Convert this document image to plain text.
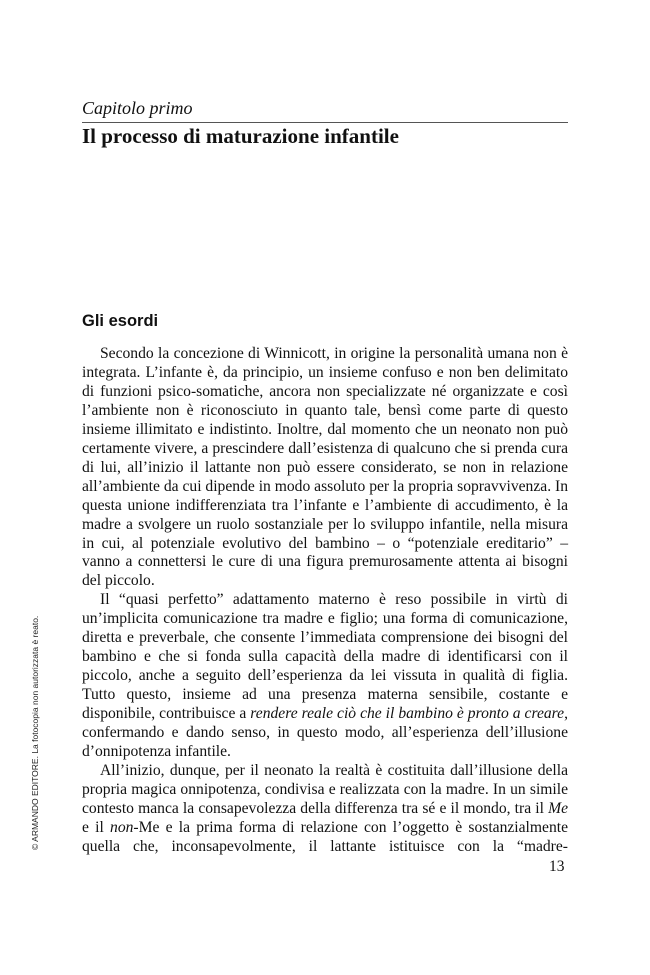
Capitolo primo
Il processo di maturazione infantile
Gli esordi

Secondo la concezione di Winnicott, in origine la personalità umana non è integrata. L’infante è, da principio, un insieme confuso e non ben delimitato di funzioni psico-somatiche, ancora non specializzate né organizzate e così l’ambiente non è riconosciuto in quanto tale, bensì come parte di questo insieme illimitato e indistinto. Inoltre, dal momento che un neonato non può certamente vivere, a prescindere dall’esistenza di qualcuno che si prenda cura di lui, all’inizio il lattante non può essere considerato, se non in relazione all’ambiente da cui dipende in modo assoluto per la propria sopravvivenza. In questa unione indifferenziata tra l’infante e l’ambiente di accudimento, è la madre a svolgere un ruolo sostanziale per lo sviluppo infantile, nella misura in cui, al potenziale evolutivo del bambino – o “potenziale ereditario” – vanno a connettersi le cure di una figura premurosamente attenta ai bisogni del piccolo.

Il “quasi perfetto” adattamento materno è reso possibile in virtù di un’implicita comunicazione tra madre e figlio; una forma di comunicazione, diretta e preverbale, che consente l’immediata comprensione dei bisogni del bambino e che si fonda sulla capacità della madre di identificarsi con il piccolo, anche a seguito dell’esperienza da lei vissuta in qualità di figlia. Tutto questo, insieme ad una presenza materna sensibile, costante e disponibile, contribuisce a rendere reale ciò che il bambino è pronto a creare, confermando e dando senso, in questo modo, all’esperienza dell’illusione d’onnipotenza infantile.

All’inizio, dunque, per il neonato la realtà è costituita dall’illusione della propria magica onnipotenza, condivisa e realizzata con la madre. In un simile contesto manca la consapevolezza della differenza tra sé e il mondo, tra il Me e il non-Me e la prima forma di relazione con l’oggetto è sostanzialmente quella che, inconsapevolmente, il lattante istituisce con la “madre-

13
© ARMANDO EDITORE. La fotocopia non autorizzata è reato.
